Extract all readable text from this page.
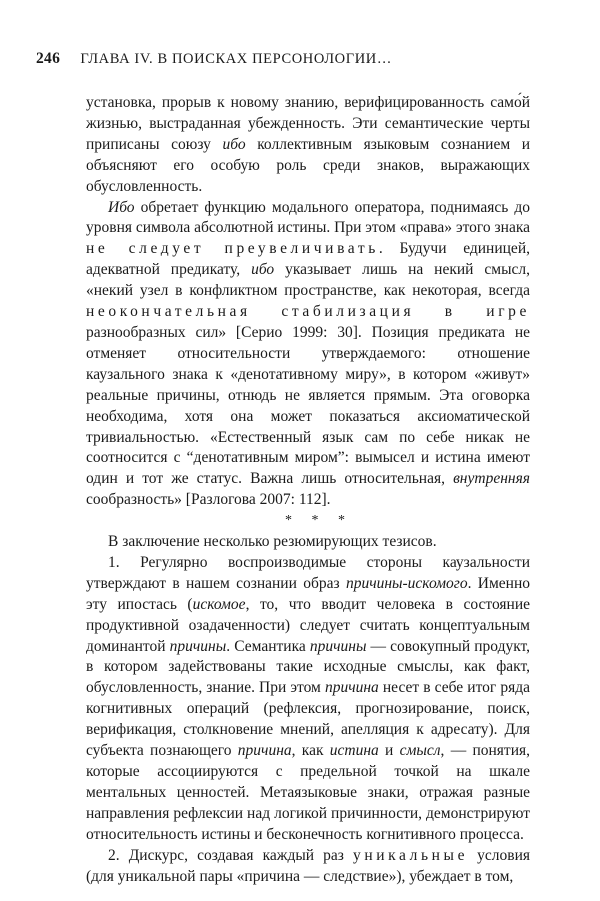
246 ГЛАВА IV. В ПОИСКАХ ПЕРСОНОЛОГИИ…

установка, прорыв к новому знанию, верифицированность само́й жизнью, выстраданная убежденность. Эти семантические черты приписаны союзу ибо коллективным языковым сознанием и объясняют его особую роль среди знаков, выражающих обусловленность.

Ибо обретает функцию модального оператора, поднимаясь до уровня символа абсолютной истины. При этом «права» этого знака не следует преувеличивать. Будучи единицей, адекватной предикату, ибо указывает лишь на некий смысл, «некий узел в конфликтном пространстве, как некоторая, всегда неокончательная стабилизация в игре разнообразных сил» [Серио 1999: 30]. Позиция предиката не отменяет относительности утверждаемого: отношение каузального знака к «денотативному миру», в котором «живут» реальные причины, отнюдь не является прямым. Эта оговорка необходима, хотя она может показаться аксиоматической тривиальностью. «Естественный язык сам по себе никак не соотносится с “денотативным миром”: вымысел и истина имеют один и тот же статус. Важна лишь относительная, внутренняя сообразность» [Разлогова 2007: 112].

* * *

В заключение несколько резюмирующих тезисов.

1. Регулярно воспроизводимые стороны каузальности утверждают в нашем сознании образ причины-искомого. Именно эту ипостась (искомое, то, что вводит человека в состояние продуктивной озадаченности) следует считать концептуальным доминантой причины. Семантика причины — совокупный продукт, в котором задействованы такие исходные смыслы, как факт, обусловленность, знание. При этом причина несет в себе итог ряда когнитивных операций (рефлексия, прогнозирование, поиск, верификация, столкновение мнений, апелляция к адресату). Для субъекта познающего причина, как истина и смысл, — понятия, которые ассоциируются с предельной точкой на шкале ментальных ценностей. Метаязыковые знаки, отражая разные направления рефлексии над логикой причинности, демонстрируют относительность истины и бесконечность когнитивного процесса.

2. Дискурс, создавая каждый раз уникальные условия (для уникальной пары «причина — следствие»), убеждает в том,
